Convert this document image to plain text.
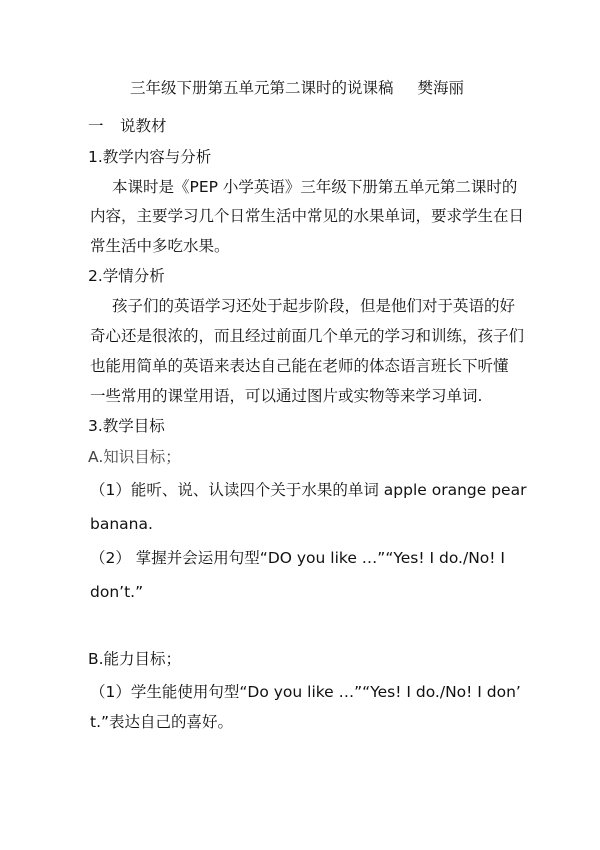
三年级下册第五单元第二课时的说课稿 樊海丽
一 说教材
1.教学内容与分析
本课时是《PEP 小学英语》三年级下册第五单元第二课时的
内容，主要学习几个日常生活中常见的水果单词，要求学生在日
常生活中多吃水果。
2.学情分析
孩子们的英语学习还处于起步阶段，但是他们对于英语的好
奇心还是很浓的，而且经过前面几个单元的学习和训练，孩子们
也能用简单的英语来表达自己能在老师的体态语言班长下听懂
一些常用的课堂用语，可以通过图片或实物等来学习单词.
3.教学目标
A.知识目标；
（1）能听、说、认读四个关于水果的单词 apple orange pear
banana.
（2） 掌握并会运用句型“DO you like …”“Yes! I do./No! I
don’t.”
B.能力目标；
（1）学生能使用句型“Do you like …”“Yes! I do./No! I don’
t.”表达自己的喜好。
